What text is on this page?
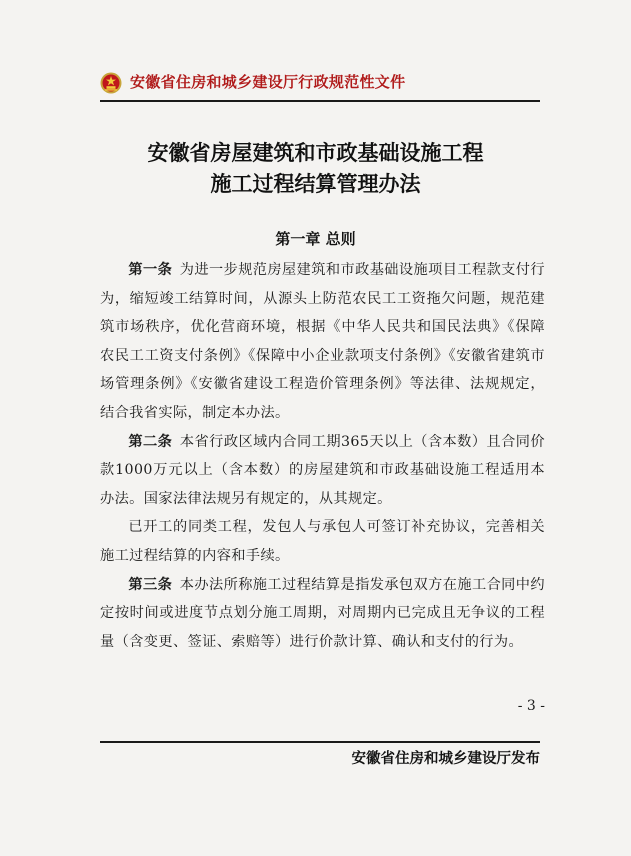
安徽省住房和城乡建设厅行政规范性文件
安徽省房屋建筑和市政基础设施工程
施工过程结算管理办法
第一章 总则

第一条  为进一步规范房屋建筑和市政基础设施项目工程款支付行为，缩短竣工结算时间，从源头上防范农民工工资拖欠问题，规范建筑市场秩序，优化营商环境，根据《中华人民共和国民法典》《保障农民工工资支付条例》《保障中小企业款项支付条例》《安徽省建筑市场管理条例》《安徽省建设工程造价管理条例》等法律、法规规定，结合我省实际，制定本办法。

第二条  本省行政区域内合同工期365天以上（含本数）且合同价款1000万元以上（含本数）的房屋建筑和市政基础设施工程适用本办法。国家法律法规另有规定的，从其规定。

已开工的同类工程，发包人与承包人可签订补充协议，完善相关施工过程结算的内容和手续。

第三条  本办法所称施工过程结算是指发承包双方在施工合同中约定按时间或进度节点划分施工周期，对周期内已完成且无争议的工程量（含变更、签证、索赔等）进行价款计算、确认和支付的行为。

- 3 -
安徽省住房和城乡建设厅发布
